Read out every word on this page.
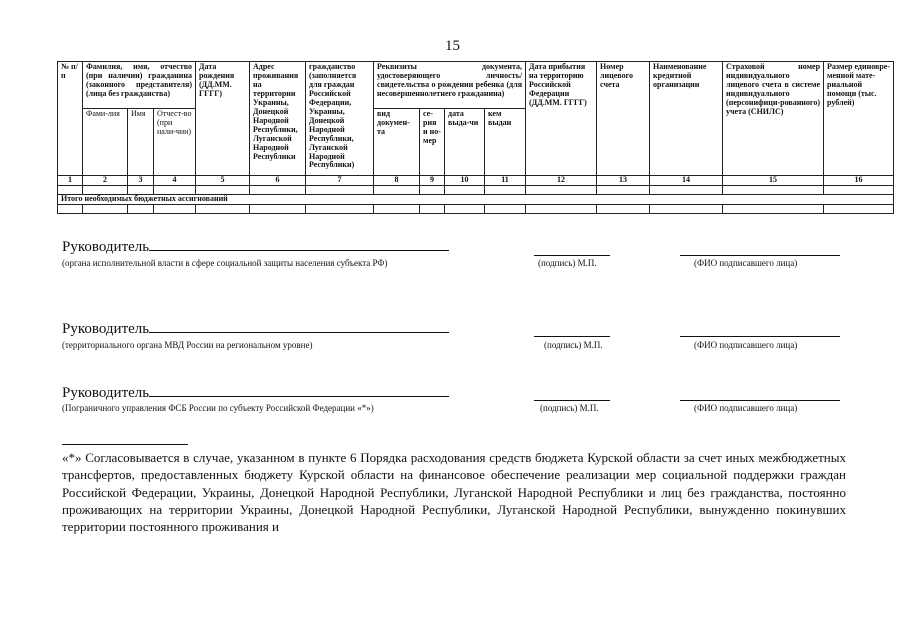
15
№ п/п	Фамилия, имя, отчество (при наличии) гражданина (законного представителя) (лица без гражданства)			Дата рождения (ДД.ММ. ГГГГ)	Адрес проживания на территории Украины, Донецкой Народной Республики, Луганской Народной Республики	гражданство (заполняется для граждан Российской Федерации, Украины, Донецкой Народной Республики, Луганской Народной Республики)	Реквизиты документа, удостоверяющего личность/ свидетельства о рождении ребенка (для несовершеннолетнего гражданина)				Дата прибытия на территорию Российской Федерации (ДД.ММ. ГГГГ)	Номер лицевого счета	Наименование кредитной организации	Страховой номер индивидуального лицевого счета в системе индивидуального (персонифици-рованного) учета (СНИЛС)	Размер единовре-менной мате-риальной помощи (тыс. рублей)
	Фами-лия	Имя	Отчест-во (при нали-чии)				вид докумен-та	се-рия и но-мер	дата выда-чи	кем выдан					
1	2	3	4	5	6	7	8	9	10	11	12	13	14	15	16

Итого необходимых бюджетных ассигнований															

Руководитель
(органа исполнительной власти в сфере социальной защиты населения субъекта РФ)	(подпись) М.П.	(ФИО подписавшего лица)
Руководитель
(территориального органа МВД России на региональном уровне)	(подпись) М.П.	(ФИО подписавшего лица)
Руководитель
(Пограничного управления ФСБ России по субъекту Российской Федерации «*»)	(подпись) М.П.	(ФИО подписавшего лица)
«*» Согласовывается в случае, указанном в пункте 6 Порядка расходования средств бюджета Курской области за счет иных межбюджетных трансфертов, предоставленных бюджету Курской области на финансовое обеспечение реализации мер социальной поддержки граждан Российской Федерации, Украины, Донецкой Народной Республики, Луганской Народной Республики и лиц без гражданства, постоянно проживающих на территории Украины, Донецкой Народной Республики, Луганской Народной Республики, вынужденно покинувших территории постоянного проживания и
